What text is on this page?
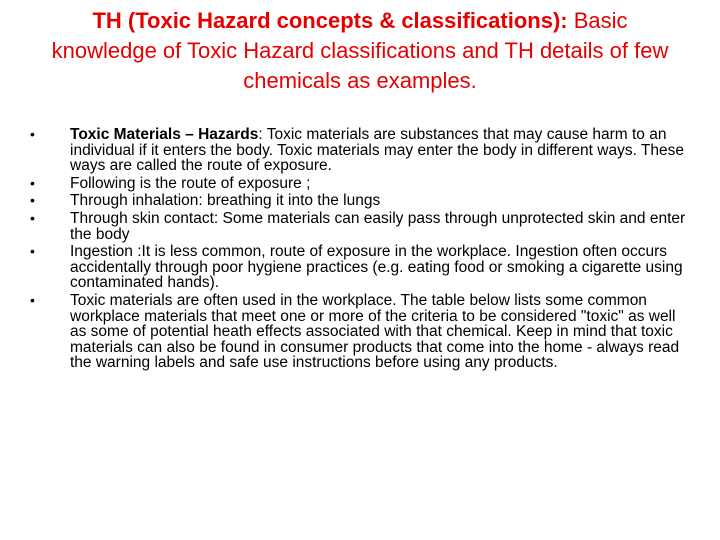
TH (Toxic Hazard concepts & classifications): Basic knowledge of Toxic Hazard classifications and TH details of few chemicals as examples.
•	Toxic Materials – Hazards: Toxic materials are substances that may cause harm to an individual if it enters the body. Toxic materials may enter the body in different ways. These ways are called the route of exposure.
•	Following is the route of exposure ;
•	Through inhalation: breathing it into the lungs
•	Through skin contact: Some materials can easily pass through unprotected skin and enter the body
•	Ingestion :It is less common, route of exposure in the workplace. Ingestion often occurs accidentally through poor hygiene practices (e.g. eating food or smoking a cigarette using contaminated hands).
•	Toxic materials are often used in the workplace. The table below lists some common workplace materials that meet one or more of the criteria to be considered "toxic" as well as some of potential heath effects associated with that chemical. Keep in mind that toxic materials can also be found in consumer products that come into the home - always read the warning labels and safe use instructions before using any products.
